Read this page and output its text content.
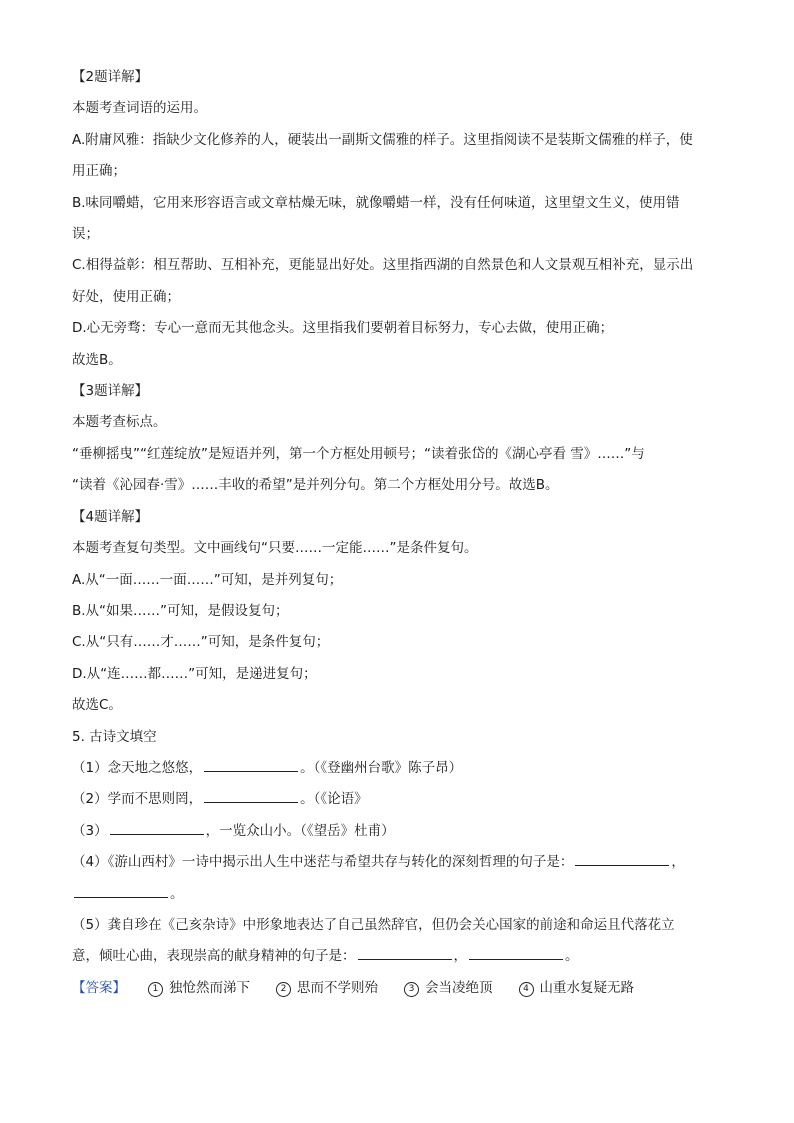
【2题详解】
本题考查词语的运用。
A.附庸风雅：指缺少文化修养的人，硬装出一副斯文儒雅的样子。这里指阅读不是装斯文儒雅的样子，使
用正确；
B.味同嚼蜡，它用来形容语言或文章枯燥无味，就像嚼蜡一样，没有任何味道，这里望文生义，使用错
误；
C.相得益彰：相互帮助、互相补充，更能显出好处。这里指西湖的自然景色和人文景观互相补充，显示出
好处，使用正确；
D.心无旁骛：专心一意而无其他念头。这里指我们要朝着目标努力，专心去做，使用正确；
故选B。
【3题详解】
本题考查标点。
“垂柳摇曳”“红莲绽放”是短语并列，第一个方框处用顿号；“读着张岱的《湖心亭看 雪》……”与
“读着《沁园春·雪》……丰收的希望”是并列分句。第二个方框处用分号。故选B。
【4题详解】
本题考查复句类型。文中画线句“只要……一定能……”是条件复句。
A.从“一面……一面……”可知，是并列复句；
B.从“如果……”可知，是假设复句；
C.从“只有……才……”可知，是条件复句；
D.从“连……都……”可知，是递进复句；
故选C。
5. 古诗文填空
（1）念天地之悠悠，	。（《登幽州台歌》陈子昂）
（2）学而不思则罔，	。（《论语》
（3）	，一览众山小。（《望岳》杜甫）
（4）《游山西村》一诗中揭示出人生中迷茫与希望共存与转化的深刻哲理的句子是：	，
。
（5）龚自珍在《己亥杂诗》中形象地表达了自己虽然辞官，但仍会关心国家的前途和命运且代落花立
意，倾吐心曲，表现崇高的献身精神的句子是：	，	。
【答案】	1 独怆然而涕下	2 思而不学则殆	3 会当凌绝顶	4 山重水复疑无路
